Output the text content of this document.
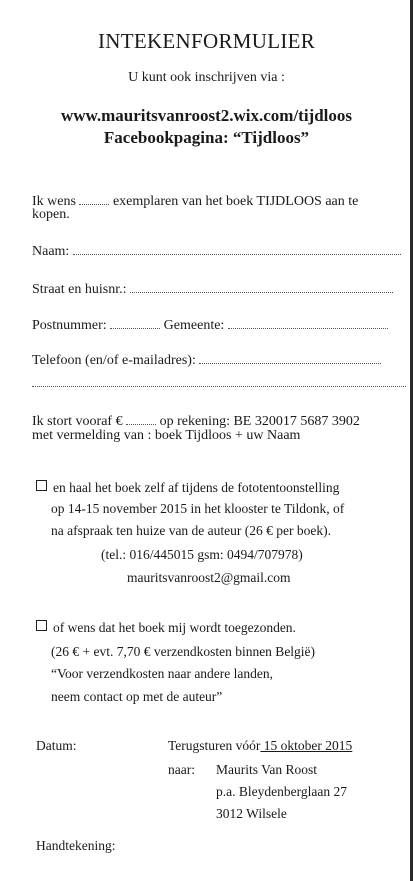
INTEKENFORMULIER
U kunt ook inschrijven via :
www.mauritsvanroost2.wix.com/tijdloos
Facebookpagina: “Tijdloos”
Ik wens	exemplaren van het boek TIJDLOOS aan te
kopen.
Naam:
Straat en huisnr.:
Postnummer:	Gemeente:
Telefoon (en/of e-mailadres):
Ik stort vooraf €	op rekening: BE 320017 5687 3902
met vermelding van : boek Tijdloos + uw Naam
en haal het boek zelf af tijdens de fototentoonstelling
op 14-15 november 2015 in het klooster te Tildonk, of
na afspraak ten huize van de auteur (26 € per boek).
(tel.: 016/445015 gsm: 0494/707978)
mauritsvanroost2@gmail.com
of wens dat het boek mij wordt toegezonden.
(26 € + evt. 7,70 € verzendkosten binnen België)
“Voor verzendkosten naar andere landen,
neem contact op met de auteur”
Datum:	Terugsturen vóór 15 oktober 2015
naar: Maurits Van Roost
p.a. Bleydenberglaan 27
3012 Wilsele
Handtekening:
